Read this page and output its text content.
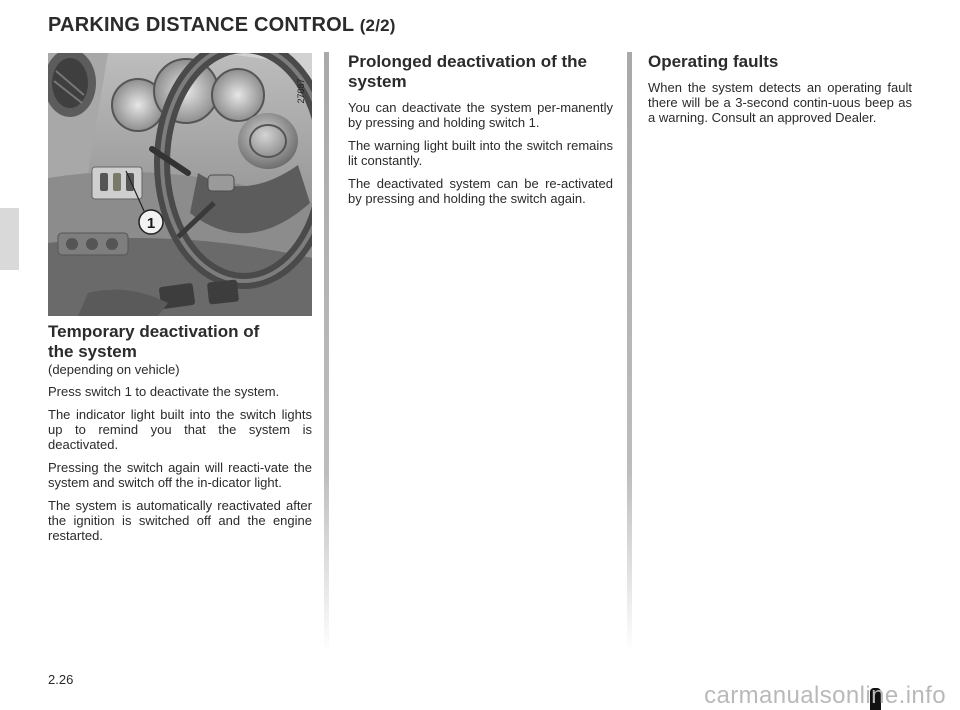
PARKING DISTANCE CONTROL (2/2)
1
27087
Temporary deactivation of the system

(depending on vehicle)

Press switch 1 to deactivate the system.

The indicator light built into the switch lights up to remind you that the system is deactivated.

Pressing the switch again will reacti-vate the system and switch off the in-dicator light.

The system is automatically reactivated after the ignition is switched off and the engine restarted.

Prolonged deactivation of the system

You can deactivate the system per-manently by pressing and holding switch 1.

The warning light built into the switch remains lit constantly.

The deactivated system can be re-activated by pressing and holding the switch again.

Operating faults

When the system detects an operating fault there will be a 3-second contin-uous beep as a warning. Consult an approved Dealer.

2.26
carmanualsonline.info
